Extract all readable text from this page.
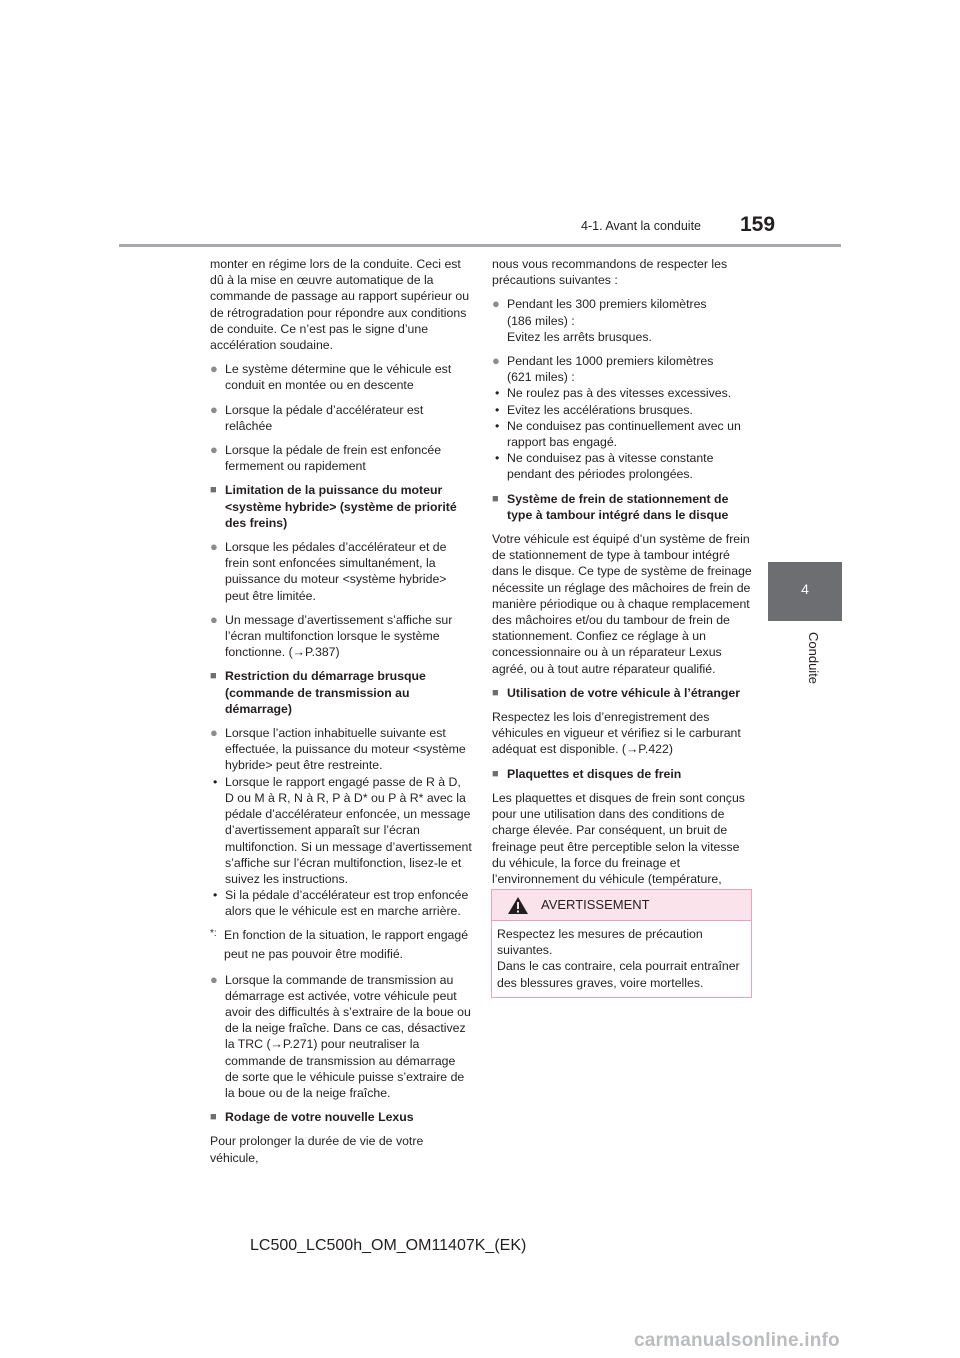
4-1. Avant la conduite 159
4
Conduite

monter en régime lors de la conduite. Ceci est dû à la mise en œuvre automatique de la commande de passage au rapport supérieur ou de rétrogradation pour répondre aux conditions de conduite. Ce n’est pas le signe d’une accélération soudaine.

● Le système détermine que le véhicule est conduit en montée ou en descente
● Lorsque la pédale d’accélérateur est relâchée
● Lorsque la pédale de frein est enfoncée fermement ou rapidement
■ Limitation de la puissance du moteur <système hybride> (système de priorité des freins)
● Lorsque les pédales d’accélérateur et de frein sont enfoncées simultanément, la puissance du moteur <système hybride> peut être limitée.
● Un message d’avertissement s’affiche sur l’écran multifonction lorsque le système fonctionne. (→P.387)
■ Restriction du démarrage brusque (commande de transmission au démarrage)
● Lorsque l’action inhabituelle suivante est effectuée, la puissance du moteur <système hybride> peut être restreinte.
• Lorsque le rapport engagé passe de R à D, D ou M à R, N à R, P à D* ou P à R* avec la pédale d’accélérateur enfoncée, un message d’avertissement apparaît sur l’écran multifonction. Si un message d’avertissement s’affiche sur l’écran multifonction, lisez-le et suivez les instructions.
• Si la pédale d’accélérateur est trop enfoncée alors que le véhicule est en marche arrière.
*: En fonction de la situation, le rapport engagé peut ne pas pouvoir être modifié.
● Lorsque la commande de transmission au démarrage est activée, votre véhicule peut avoir des difficultés à s’extraire de la boue ou de la neige fraîche. Dans ce cas, désactivez la TRC (→P.271) pour neutraliser la commande de transmission au démarrage de sorte que le véhicule puisse s’extraire de la boue ou de la neige fraîche.
■ Rodage de votre nouvelle Lexus

Pour prolonger la durée de vie de votre véhicule,

nous vous recommandons de respecter les précautions suivantes :

● Pendant les 300 premiers kilomètres
(186 miles) :
Evitez les arrêts brusques.
● Pendant les 1000 premiers kilomètres
(621 miles) :
• Ne roulez pas à des vitesses excessives.
• Evitez les accélérations brusques.
• Ne conduisez pas continuellement avec un rapport bas engagé.
• Ne conduisez pas à vitesse constante pendant des périodes prolongées.
■ Système de frein de stationnement de type à tambour intégré dans le disque

Votre véhicule est équipé d’un système de frein de stationnement de type à tambour intégré dans le disque. Ce type de système de freinage nécessite un réglage des mâchoires de frein de manière périodique ou à chaque remplacement des mâchoires et/ou du tambour de frein de stationnement. Confiez ce réglage à un concessionnaire ou à un réparateur Lexus agréé, ou à tout autre réparateur qualifié.

■ Utilisation de votre véhicule à l’étranger

Respectez les lois d’enregistrement des véhicules en vigueur et vérifiez si le carburant adéquat est disponible. (→P.422)

■ Plaquettes et disques de frein

Les plaquettes et disques de frein sont conçus pour une utilisation dans des conditions de charge élevée. Par conséquent, un bruit de freinage peut être perceptible selon la vitesse du véhicule, la force du freinage et l’environnement du véhicule (température,

AVERTISSEMENT
Respectez les mesures de précaution suivantes.
Dans le cas contraire, cela pourrait entraîner des blessures graves, voire mortelles.
LC500_LC500h_OM_OM11407K_(EK)
carmanualsonline.info
